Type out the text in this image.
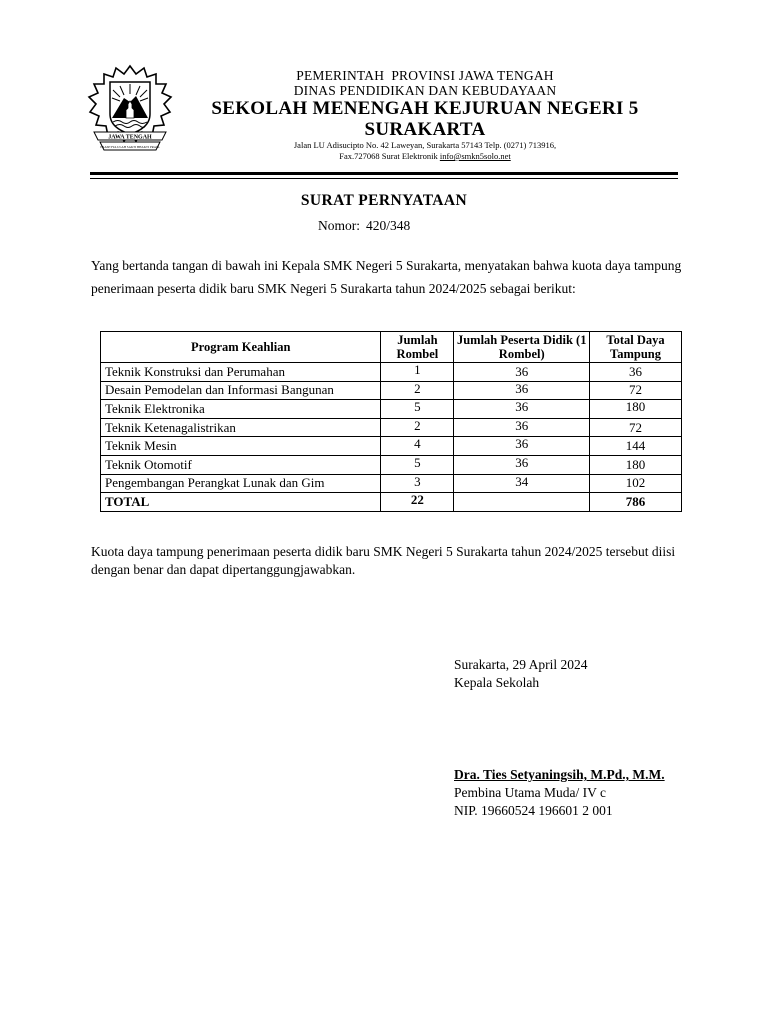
JAWA TENGAH
PRASETYA ULAH SAKTI BHAKTI PRAJA
PEMERINTAH  PROVINSI JAWA TENGAH
DINAS PENDIDIKAN DAN KEBUDAYAAN
SEKOLAH MENENGAH KEJURUAN NEGERI 5
SURAKARTA
Jalan LU Adisucipto No. 42 Laweyan, Surakarta 57143 Telp. (0271) 713916,
Fax.727068 Surat Elektronik info@smkn5solo.net
SURAT PERNYATAAN
Nomor: 420/348
Yang bertanda tangan di bawah ini Kepala SMK Negeri 5 Surakarta, menyatakan bahwa kuota daya tampung penerimaan peserta didik baru SMK Negeri 5 Surakarta tahun 2024/2025 sebagai berikut:
Program Keahlian	Jumlah Rombel	Jumlah Peserta Didik (1 Rombel)	Total Daya Tampung
Teknik Konstruksi dan Perumahan	1	36	36
Desain Pemodelan dan Informasi Bangunan	2	36	72
Teknik Elektronika	5	36	180
Teknik Ketenagalistrikan	2	36	72
Teknik Mesin	4	36	144
Teknik Otomotif	5	36	180
Pengembangan Perangkat Lunak dan Gim	3	34	102
TOTAL	22		786
Kuota daya tampung penerimaan peserta didik baru SMK Negeri 5 Surakarta tahun 2024/2025 tersebut diisi dengan benar dan dapat dipertanggungjawabkan.
Surakarta, 29 April 2024
Kepala Sekolah
Dra. Ties Setyaningsih, M.Pd., M.M.
Pembina Utama Muda/ IV c
NIP. 19660524 196601 2 001
